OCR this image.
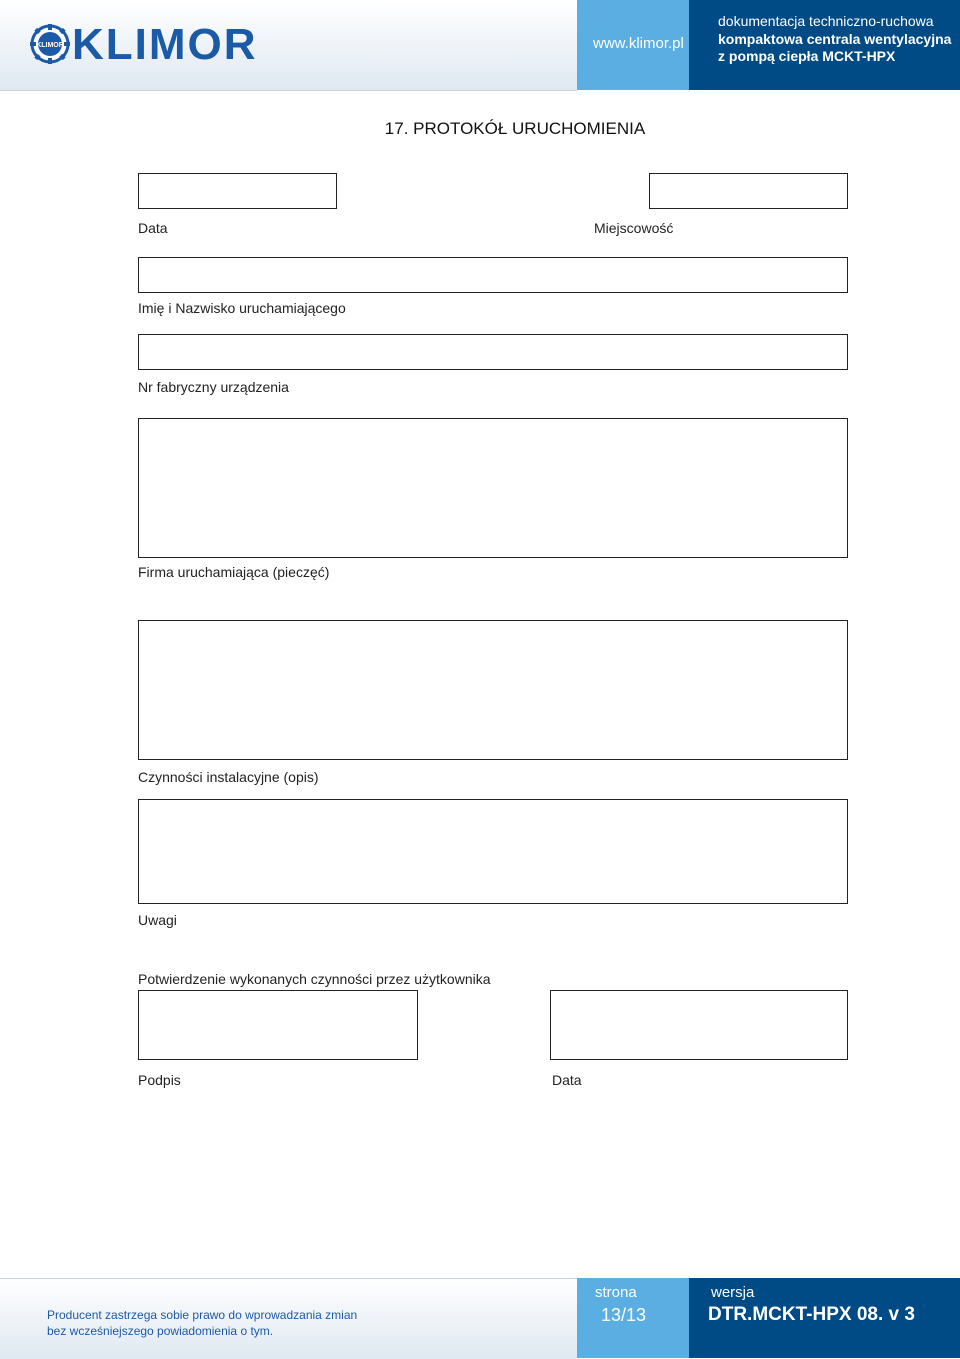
KLIMOR KLIMOR	www.klimor.pl
dokumentacja techniczno-ruchowa
kompaktowa centrala wentylacyjna
z pompą ciepła MCKT-HPX
17. PROTOKÓŁ URUCHOMIENIA
Data	Miejscowość
Imię i Nazwisko uruchamiającego
Nr fabryczny urządzenia
Firma uruchamiająca (pieczęć)
Czynności instalacyjne (opis)
Uwagi
Potwierdzenie wykonanych czynności przez użytkownika
Podpis	Data
Producent zastrzega sobie prawo do wprowadzania zmian
bez wcześniejszego powiadomienia o tym.
strona
13/13
wersja
DTR.MCKT-HPX 08. v 3
